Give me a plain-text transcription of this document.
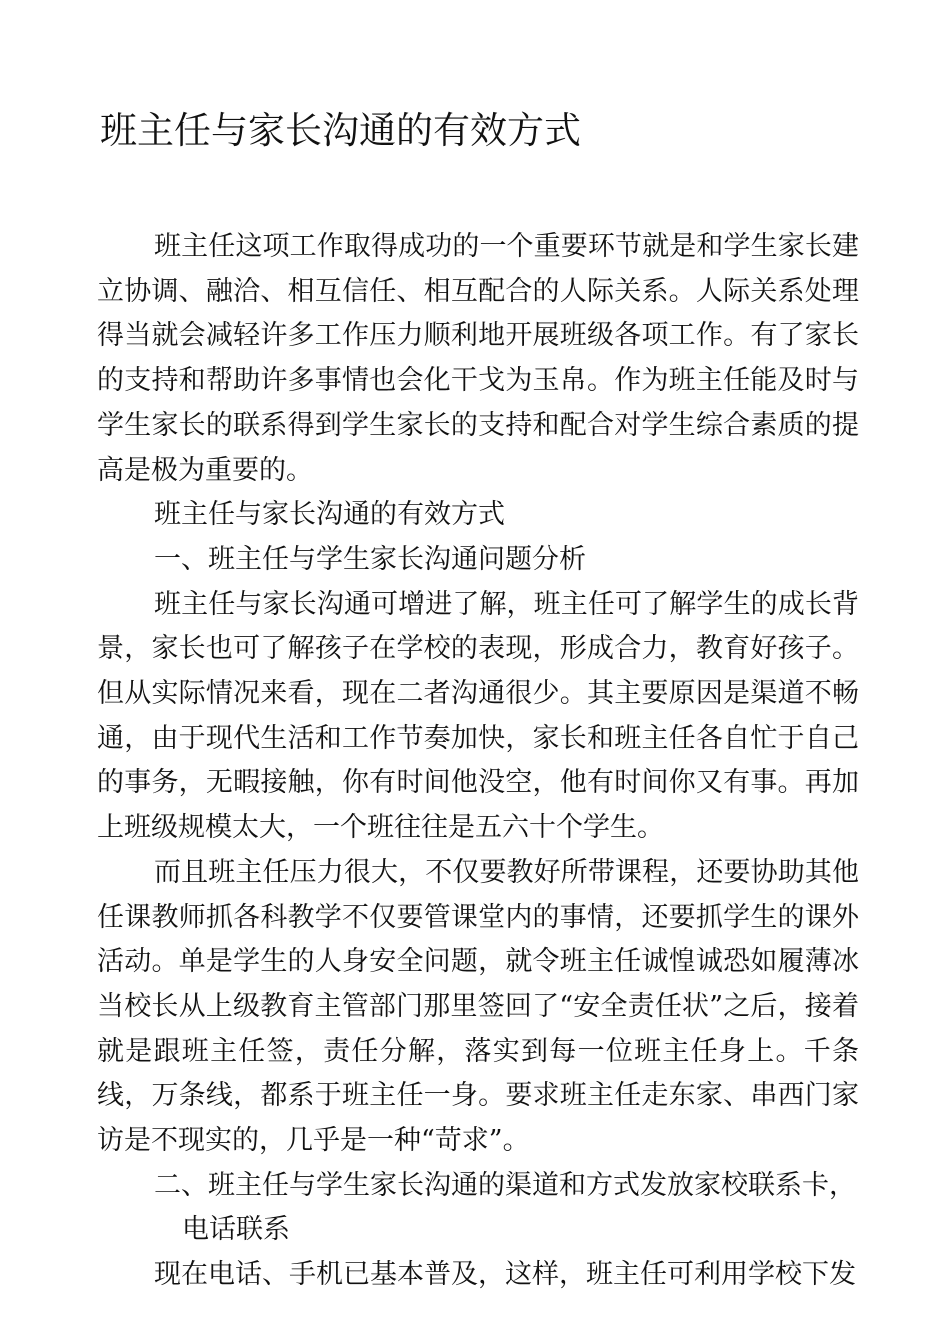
班主任与家长沟通的有效方式

班主任这项工作取得成功的一个重要环节就是和学生家长建立协调、融洽、相互信任、相互配合的人际关系。人际关系处理得当就会减轻许多工作压力顺利地开展班级各项工作。有了家长的支持和帮助许多事情也会化干戈为玉帛。作为班主任能及时与学生家长的联系得到学生家长的支持和配合对学生综合素质的提高是极为重要的。

班主任与家长沟通的有效方式

一、班主任与学生家长沟通问题分析

班主任与家长沟通可增进了解，班主任可了解学生的成长背景，家长也可了解孩子在学校的表现，形成合力，教育好孩子。但从实际情况来看，现在二者沟通很少。其主要原因是渠道不畅通，由于现代生活和工作节奏加快，家长和班主任各自忙于自己的事务，无暇接触，你有时间他没空，他有时间你又有事。再加上班级规模太大，一个班往往是五六十个学生。

而且班主任压力很大，不仅要教好所带课程，还要协助其他任课教师抓各科教学不仅要管课堂内的事情，还要抓学生的课外活动。单是学生的人身安全问题，就令班主任诚惶诚恐如履薄冰当校长从上级教育主管部门那里签回了“安全责任状”之后，接着就是跟班主任签，责任分解，落实到每一位班主任身上。千条线，万条线，都系于班主任一身。要求班主任走东家、串西门家访是不现实的，几乎是一种“苛求”。

二、班主任与学生家长沟通的渠道和方式发放家校联系卡，

电话联系

现在电话、手机已基本普及，这样，班主任可利用学校下发
